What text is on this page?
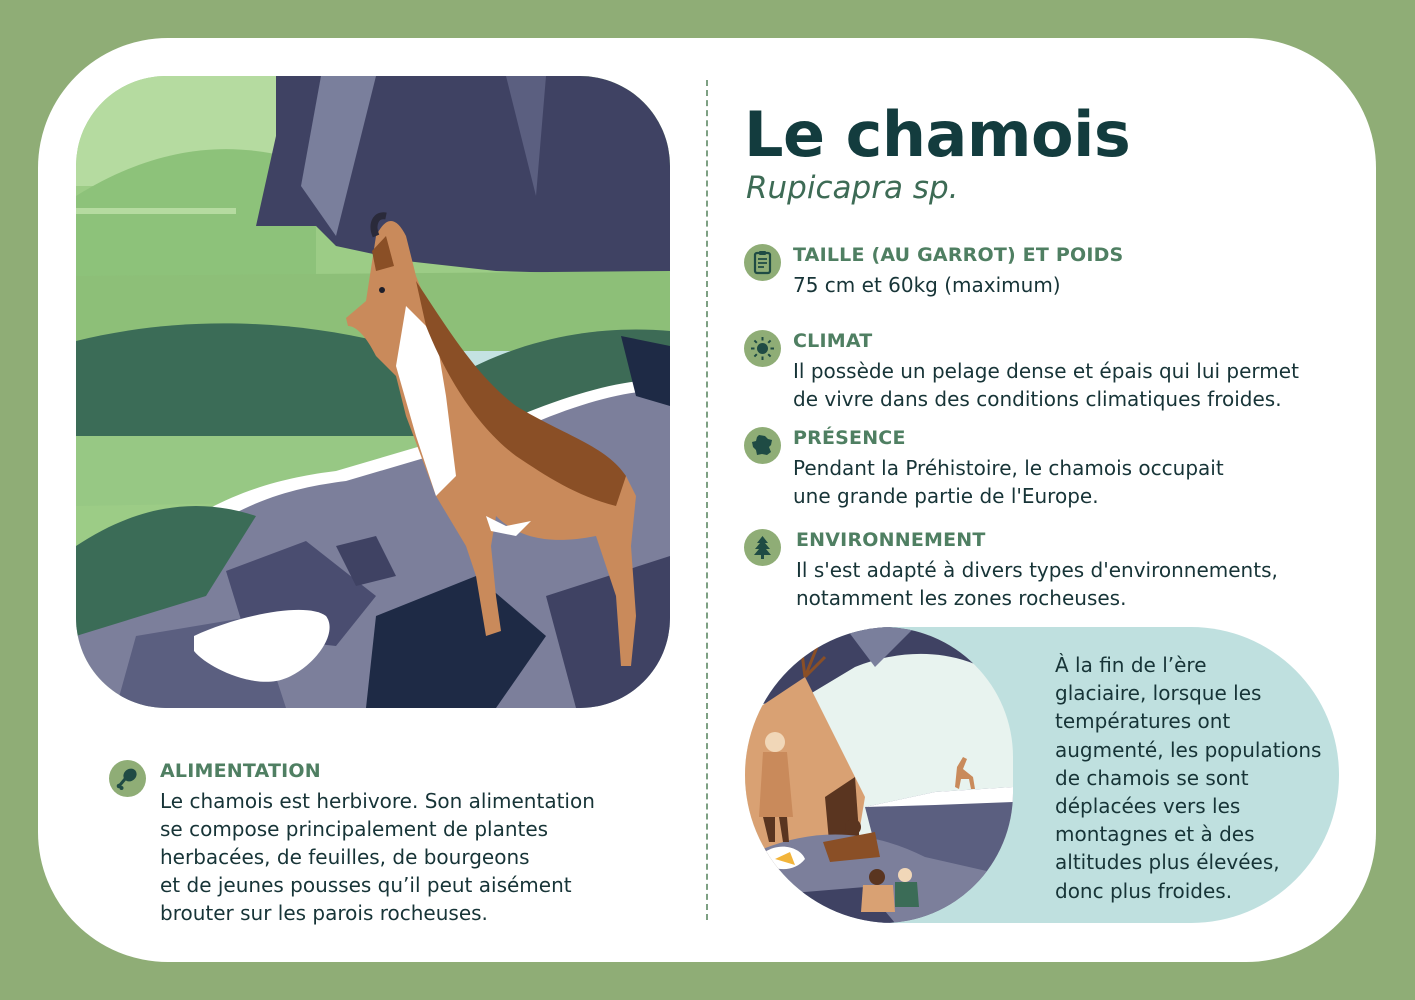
Le chamois
Rupicapra sp.
TAILLE (AU GARROT) ET POIDS
75 cm et 60kg (maximum)
CLIMAT
Il possède un pelage dense et épais qui lui permet
de vivre dans des conditions climatiques froides.
PRÉSENCE
Pendant la Préhistoire, le chamois occupait
une grande partie de l'Europe.
ENVIRONNEMENT
Il s'est adapté à divers types d'environnements,
notamment les zones rocheuses.
ALIMENTATION
Le chamois est herbivore. Son alimentation
se compose principalement de plantes
herbacées, de feuilles, de bourgeons
et de jeunes pousses qu’il peut aisément
brouter sur les parois rocheuses.
À la fin de l’ère
glaciaire, lorsque les
températures ont
augmenté, les populations
de chamois se sont
déplacées vers les
montagnes et à des
altitudes plus élevées,
donc plus froides.
